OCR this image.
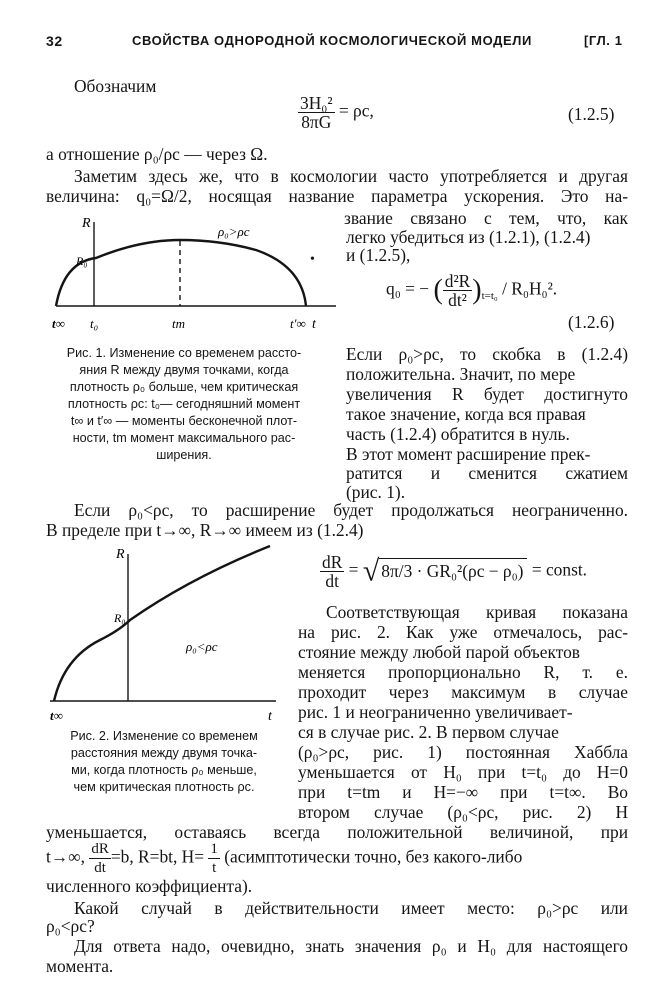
32	СВОЙСТВА ОДНОРОДНОЙ КОСМОЛОГИЧЕСКОЙ МОДЕЛИ	[ГЛ. 1
Обозначим
$\frac{\text{3H₀²}}{8\pi G} = \rho c$,	(1.2.5)
а отношение ρ₀/ρc — через Ω.
Заметим здесь же, что в космологии часто употребляется и другая
величина: q₀=Ω/2, носящая название параметра ускорения. Это на-
звание связано с тем, что, как
легко убедиться из (1.2.1), (1.2.4)
и (1.2.5),
R
R₀
ρ₀>ρc
t∞ t₀	tm	t′∞ t
•
Рис. 1. Изменение со временем рассто-
яния R между двумя точками, когда
плотность ρ₀ больше, чем критическая
плотность ρc: t₀— сегодняшний момент
t∞ и t′∞ — моменты бесконечной плот-
ности, tm момент максимального рас-
ширения.
q₀ = − ( $\frac{\text{d²R}}{\text{dt²}} )_{t=t_0} / R_0H_0^2$.
(1.2.6)
Если ρ₀>ρc, то скобка в (1.2.4)
положительна. Значит, по мере
увеличения R будет достигнуто
такое значение, когда вся правая
часть (1.2.4) обратится в нуль.
В этот момент расширение прек-
ратится и сменится сжатием
(рис. 1).
Если ρ₀<ρc, то расширение будет продолжаться неограниченно.
В пределе при t→∞, R→∞ имеем из (1.2.4)
R
R₀
ρ₀<ρc
t∞	t
Рис. 2. Изменение со временем
расстояния между двумя точка-
ми, когда плотность ρ₀ меньше,
чем критическая плотность ρc.
$\frac{dR}{dt}$ = √ 8π/3 · GR₀²(ρc − ρ₀) = const.
Соответствующая кривая показана
на рис. 2. Как уже отмечалось, рас-
стояние между любой парой объектов
меняется пропорционально R, т. е.
проходит через максимум в случае
рис. 1 и неограниченно увеличивает-
ся в случае рис. 2. В первом случае
(ρ₀>ρc, рис. 1) постоянная Хаббла
уменьшается от H₀ при t=t₀ до H=0
при t=tm и H=−∞ при t=t∞. Во
втором случае (ρ₀<ρc, рис. 2) H
уменьшается, оставаясь всегда положительной величиной, при
t→∞, $\frac{dR}{dt} =b$, R=bt, $H= \frac{1}{t}$ (асимптотически точно, без какого-либо
численного коэффициента).
Какой случай в действительности имеет место: ρ₀>ρc или
ρ₀<ρc?
Для ответа надо, очевидно, знать значения ρ₀ и H₀ для настоящего
момента.
